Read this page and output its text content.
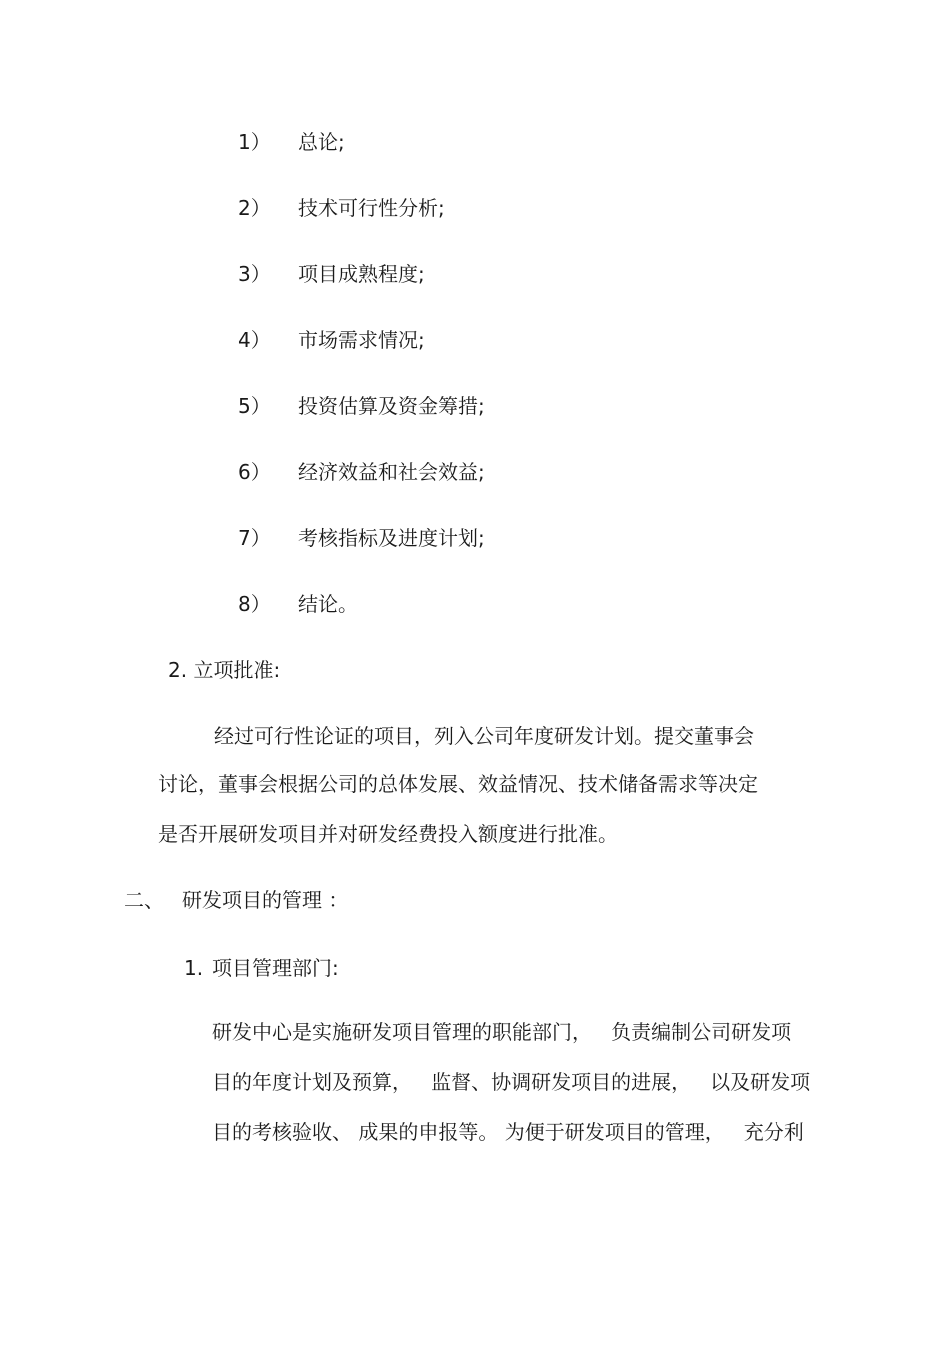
1） 总论;
2） 技术可行性分析;
3） 项目成熟程度;
4） 市场需求情况;
5） 投资估算及资金筹措;
6） 经济效益和社会效益;
7） 考核指标及进度计划;
8） 结论。
2. 立项批准:
经过可行性论证的项目，列入公司年度研发计划。提交董事会
讨论，董事会根据公司的总体发展、效益情况、技术储备需求等决定
是否开展研发项目并对研发经费投入额度进行批准。
二、 研发项目的管理 ：
1. 项目管理部门:
研发中心是实施研发项目管理的职能部门，   负责编制公司研发项
目的年度计划及预算，   监督、协调研发项目的进展，   以及研发项
目的考核验收、 成果的申报等。 为便于研发项目的管理，   充分利
